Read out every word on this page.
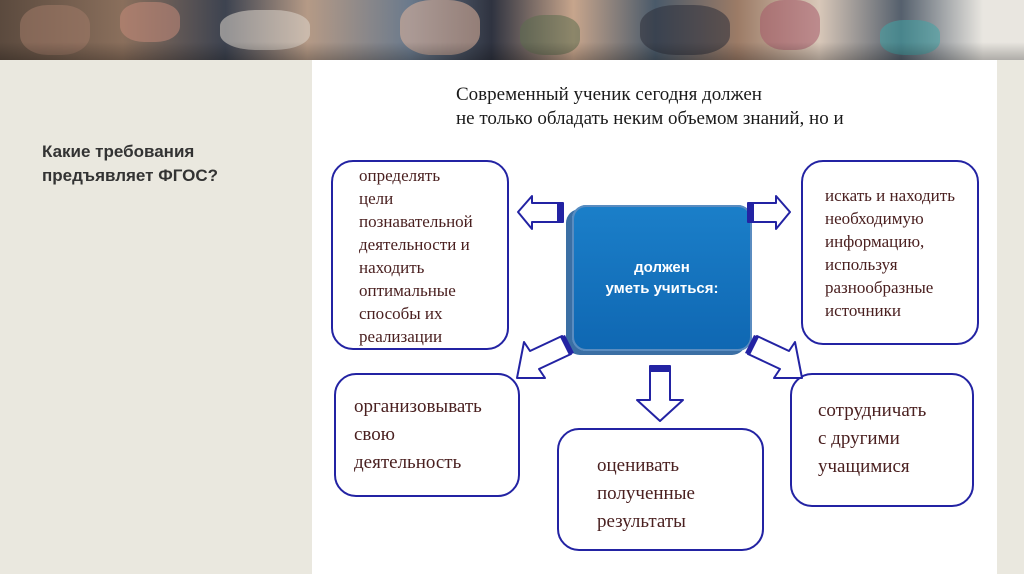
Какие требования
предъявляет ФГОС?
Современный ученик сегодня должен
не только обладать неким объемом знаний, но и
определять
цели
познавательной
деятельности и
находить
оптимальные
способы их
реализации
искать и находить
необходимую
информацию,
используя
разнообразные
источники
организовывать
свою
деятельность	оценивать
полученные
результаты
сотрудничать
с другими
учащимися
должен
уметь учиться:
